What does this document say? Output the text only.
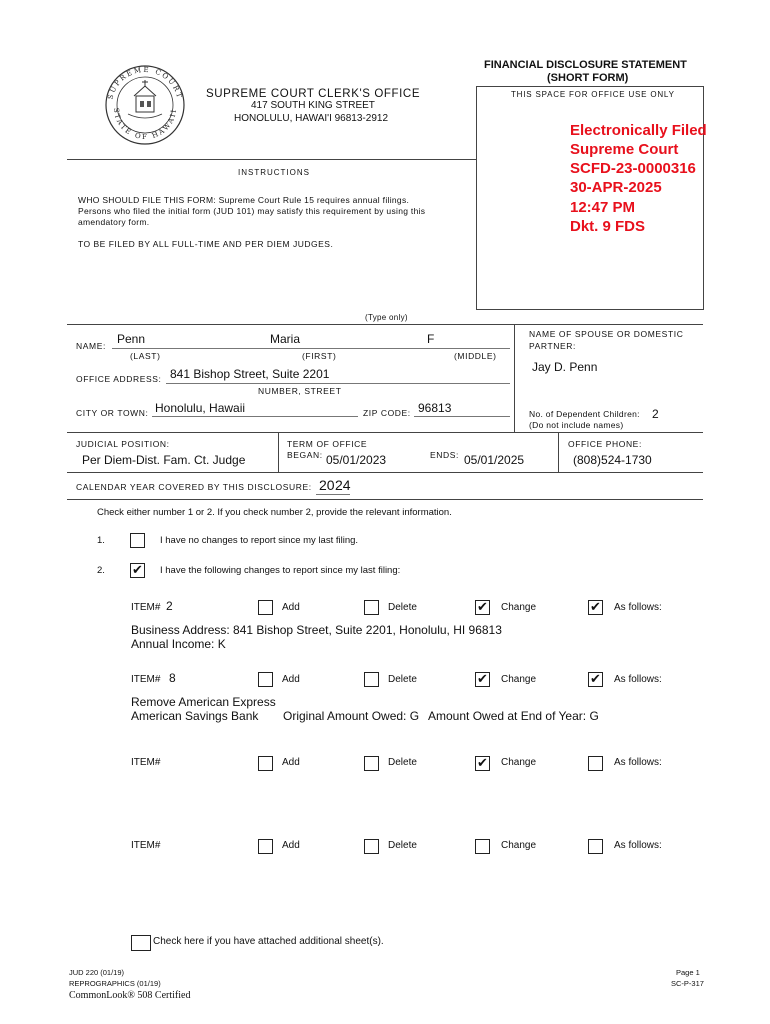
FINANCIAL DISCLOSURE STATEMENT
(SHORT FORM)
SUPREME COURT
STATE OF HAWAII
SUPREME COURT CLERK'S OFFICE
417 SOUTH KING STREET
HONOLULU, HAWAI'I 96813-2912
THIS SPACE FOR OFFICE USE ONLY
Electronically Filed
Supreme Court
SCFD-23-0000316
30-APR-2025
12:47 PM
Dkt. 9 FDS
INSTRUCTIONS
WHO SHOULD FILE THIS FORM: Supreme Court Rule 15 requires annual filings.
Persons who filed the initial form (JUD 101) may satisfy this requirement by using this
amendatory form.
TO BE FILED BY ALL FULL-TIME AND PER DIEM JUDGES.
(Type only)
NAME: Penn	Maria	F
(LAST)	(FIRST)	(MIDDLE)
NAME OF SPOUSE OR DOMESTIC
PARTNER:
Jay D. Penn
OFFICE ADDRESS: 841 Bishop Street, Suite 2201
NUMBER, STREET
CITY OR TOWN: Honolulu, Hawaii	ZIP CODE: 96813	No. of Dependent Children: 2
(Do not include names)
JUDICIAL POSITION:
Per Diem-Dist. Fam. Ct. Judge
TERM OF OFFICE
BEGAN: 05/01/2023	ENDS: 05/01/2025
OFFICE PHONE:
(808)524-1730
CALENDAR YEAR COVERED BY THIS DISCLOSURE: 20 24
Check either number 1 or 2. If you check number 2, provide the relevant information.
1.	I have no changes to report since my last filing.
2. ✔ I have the following changes to report since my last filing:
ITEM# 2	Add	Delete	✔ Change	✔ As follows:
Business Address: 841 Bishop Street, Suite 2201, Honolulu, HI 96813
Annual Income: K
ITEM# 8	Add	Delete	✔ Change	✔ As follows:
Remove American Express
American Savings Bank Original Amount Owed: G Amount Owed at End of Year: G
ITEM#	Add	Delete	✔ Change	As follows:
ITEM#	Add	Delete	Change	As follows:
Check here if you have attached additional sheet(s).
JUD 220 (01/19)
REPROGRAPHICS (01/19)
CommonLook® 508 Certified
Page 1
SC-P-317
